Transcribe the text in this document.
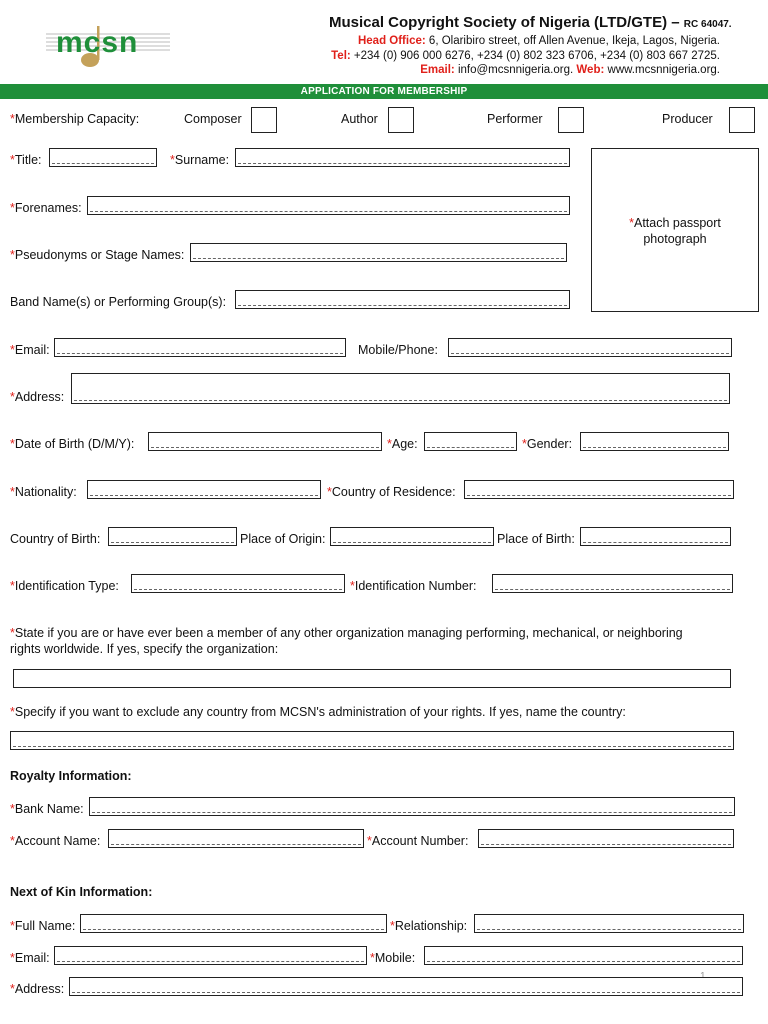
mcsn
Musical Copyright Society of Nigeria (LTD/GTE) – RC 64047.
Head Office: 6, Olaribiro street, off Allen Avenue, Ikeja, Lagos, Nigeria.
Tel: +234 (0) 906 000 6276, +234 (0) 802 323 6706, +234 (0) 803 667 2725.
Email: info@mcsnnigeria.org. Web: www.mcsnnigeria.org.
APPLICATION FOR MEMBERSHIP
*Membership Capacity:	Composer	Author	Performer	Producer
*Title:	*Surname:
*Attach passport
photograph
*Forenames:
*Pseudonyms or Stage Names:
Band Name(s) or Performing Group(s):
*Email:	Mobile/Phone:
*Address:
*Date of Birth (D/M/Y):	*Age:	*Gender:
*Nationality:	*Country of Residence:
Country of Birth:	Place of Origin:	Place of Birth:
*Identification Type:	*Identification Number:
*State if you are or have ever been a member of any other organization managing performing, mechanical, or neighboring
rights worldwide. If yes, specify the organization:
*Specify if you want to exclude any country from MCSN's administration of your rights. If yes, name the country:
Royalty Information:
*Bank Name:
*Account Name:	*Account Number:
Next of Kin Information:
*Full Name:	*Relationship:
*Email:	*Mobile:
*Address:
